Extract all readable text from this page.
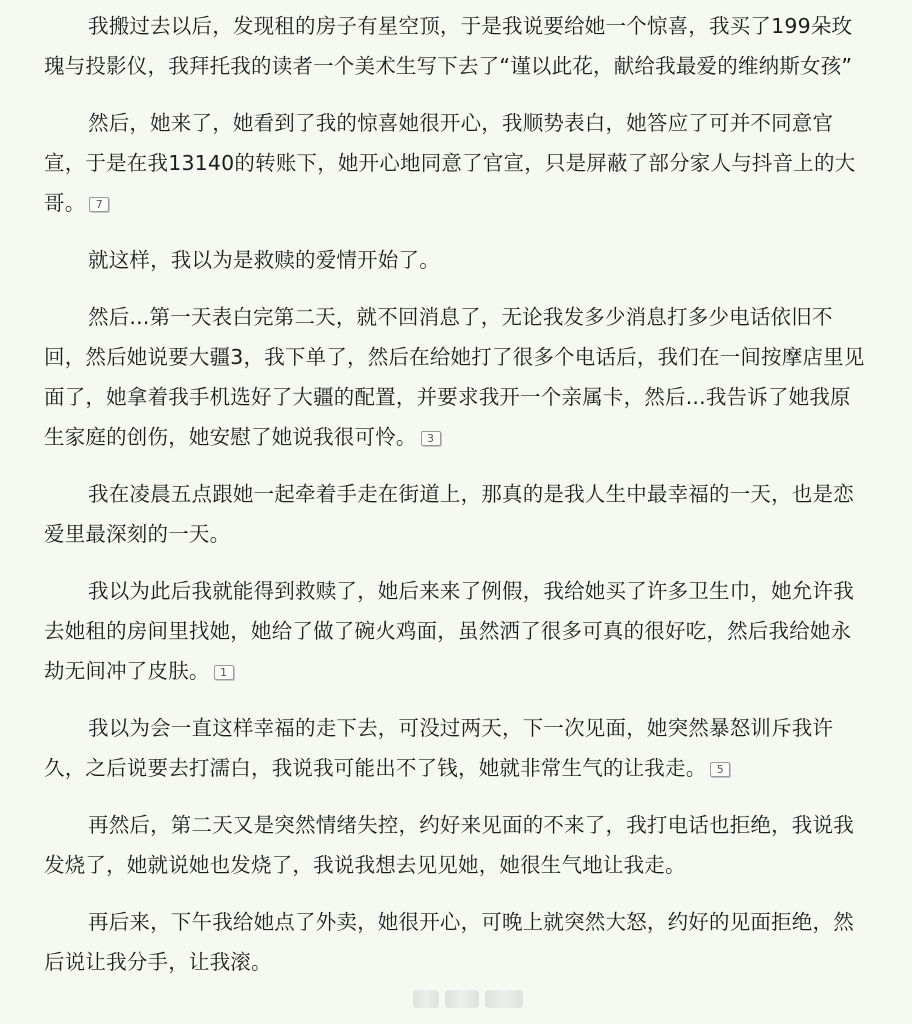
我搬过去以后，发现租的房子有星空顶，于是我说要给她一个惊喜，我买了199朵玫瑰与投影仪，我拜托我的读者一个美术生写下去了“谨以此花，献给我最爱的维纳斯女孩”

然后，她来了，她看到了我的惊喜她很开心，我顺势表白，她答应了可并不同意官宣，于是在我13140的转账下，她开心地同意了官宣，只是屏蔽了部分家人与抖音上的大哥。 7

就这样，我以为是救赎的爱情开始了。

然后...第一天表白完第二天，就不回消息了，无论我发多少消息打多少电话依旧不回，然后她说要大疆3，我下单了，然后在给她打了很多个电话后，我们在一间按摩店里见面了，她拿着我手机选好了大疆的配置，并要求我开一个亲属卡，然后...我告诉了她我原生家庭的创伤，她安慰了她说我很可怜。 3

我在凌晨五点跟她一起牵着手走在街道上，那真的是我人生中最幸福的一天，也是恋爱里最深刻的一天。

我以为此后我就能得到救赎了，她后来来了例假，我给她买了许多卫生巾，她允许我去她租的房间里找她，她给了做了碗火鸡面，虽然洒了很多可真的很好吃，然后我给她永劫无间冲了皮肤。 1

我以为会一直这样幸福的走下去，可没过两天，下一次见面，她突然暴怒训斥我许久，之后说要去打濡白，我说我可能出不了钱，她就非常生气的让我走。 5

再然后，第二天又是突然情绪失控，约好来见面的不来了，我打电话也拒绝，我说我发烧了，她就说她也发烧了，我说我想去见见她，她很生气地让我走。

再后来，下午我给她点了外卖，她很开心，可晚上就突然大怒，约好的见面拒绝，然后说让我分手，让我滚。
